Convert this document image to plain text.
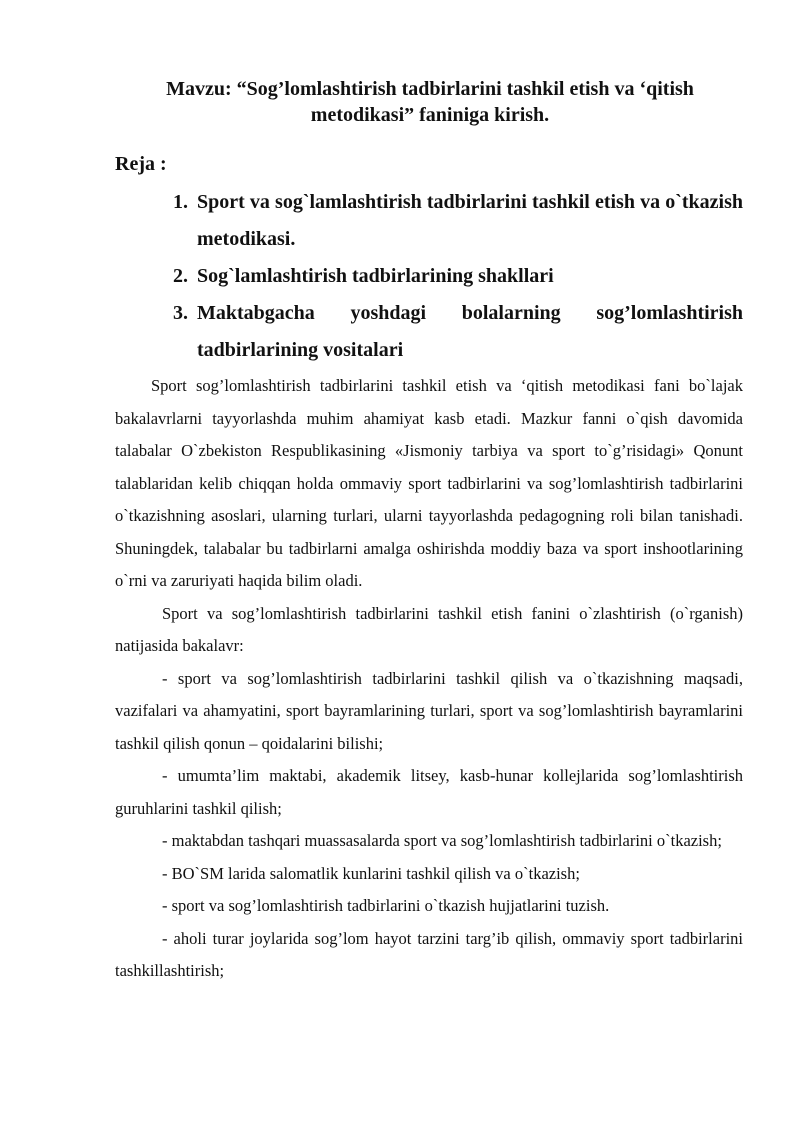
Mavzu: “Sog’lomlashtirish tadbirlarini tashkil etish va ‘qitish metodikasi” faniniga kirish.
Reja :
1. Sport va sog`lamlashtirish tadbirlarini tashkil etish va o`tkazish metodikasi.
2. Sog`lamlashtirish tadbirlarining shakllari
3. Maktabgacha yoshdagi bolalarning sog’lomlashtirish tadbirlarining vositalari

Sport sog’lomlashtirish tadbirlarini tashkil etish va ‘qitish metodikasi fani bo`lajak bakalavrlarni tayyorlashda muhim ahamiyat kasb etadi. Mazkur fanni o`qish davomida talabalar O`zbekiston Respublikasining «Jismoniy tarbiya va sport to`g’risidagi» Qonunt talablaridan kelib chiqqan holda ommaviy sport tadbirlarini va sog’lomlashtirish tadbirlarini o`tkazishning asoslari, ularning turlari, ularni tayyorlashda pedagogning roli bilan tanishadi. Shuningdek, talabalar bu tadbirlarni amalga oshirishda moddiy baza va sport inshootlarining o`rni va zaruriyati haqida bilim oladi.

Sport va sog’lomlashtirish tadbirlarini tashkil etish fanini o`zlashtirish (o`rganish) natijasida bakalavr:

- sport va sog’lomlashtirish tadbirlarini tashkil qilish va o`tkazishning maqsadi, vazifalari va ahamyatini, sport bayramlarining turlari, sport va sog’lomlashtirish bayramlarini tashkil qilish qonun – qoidalarini bilishi;

- umumta’lim maktabi, akademik litsey, kasb-hunar kollejlarida sog’lomlashtirish guruhlarini tashkil qilish;

- maktabdan tashqari muassasalarda sport va sog’lomlashtirish tadbirlarini o`tkazish;

- BO`SM larida salomatlik kunlarini tashkil qilish va o`tkazish;

- sport va sog’lomlashtirish tadbirlarini o`tkazish hujjatlarini tuzish.

- aholi turar joylarida sog’lom hayot tarzini targ’ib qilish, ommaviy sport tadbirlarini tashkillashtirish;
